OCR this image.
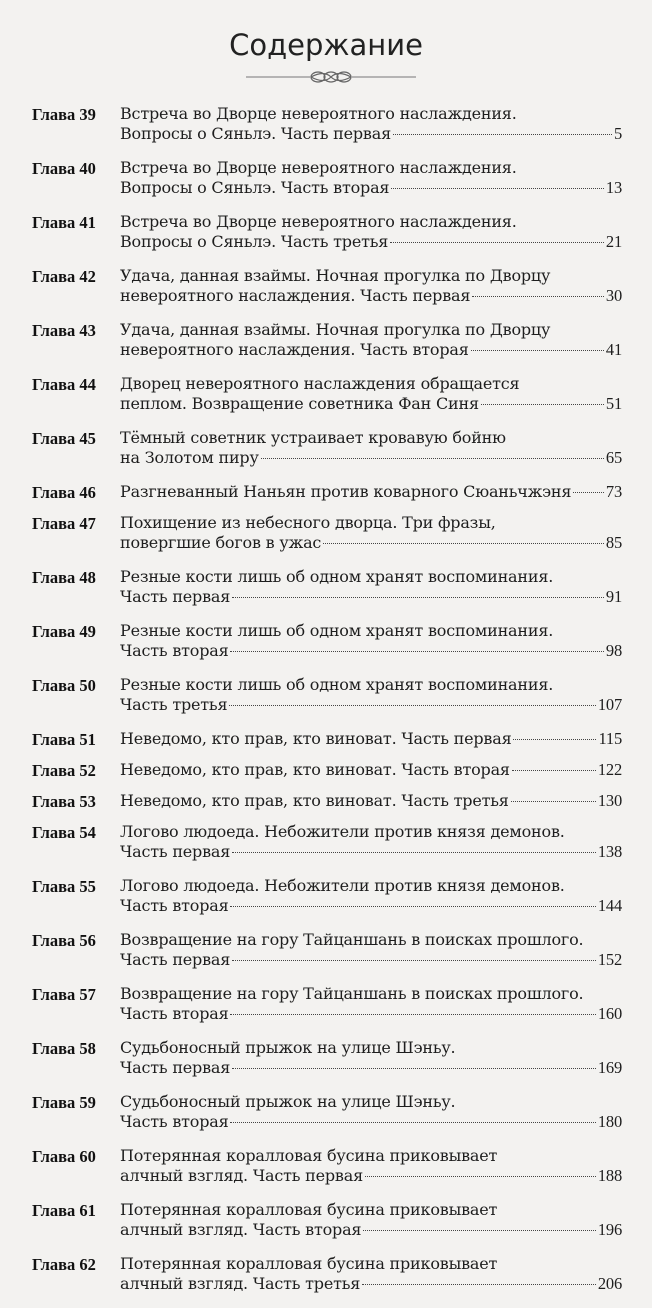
Содержание
Глава 39	Встреча во Дворце невероятного наслаждения.
Вопросы о Сяньлэ. Часть первая	5
Глава 40	Встреча во Дворце невероятного наслаждения.
Вопросы о Сяньлэ. Часть вторая	13
Глава 41	Встреча во Дворце невероятного наслаждения.
Вопросы о Сяньлэ. Часть третья	21
Глава 42	Удача, данная взаймы. Ночная прогулка по Дворцу
невероятного наслаждения. Часть первая	30
Глава 43	Удача, данная взаймы. Ночная прогулка по Дворцу
невероятного наслаждения. Часть вторая	41
Глава 44	Дворец невероятного наслаждения обращается
пеплом. Возвращение советника Фан Синя	51
Глава 45	Тёмный советник устраивает кровавую бойню
на Золотом пиру	65
Глава 46	Разгневанный Наньян против коварного Сюаньчжэня 73
Глава 47	Похищение из небесного дворца. Три фразы,
повергшие богов в ужас	85
Глава 48	Резные кости лишь об одном хранят воспоминания.
Часть первая	91
Глава 49	Резные кости лишь об одном хранят воспоминания.
Часть вторая	98
Глава 50	Резные кости лишь об одном хранят воспоминания.
Часть третья	107
Глава 51	Неведомо, кто прав, кто виноват. Часть первая	115
Глава 52	Неведомо, кто прав, кто виноват. Часть вторая	122
Глава 53	Неведомо, кто прав, кто виноват. Часть третья	130
Глава 54	Логово людоеда. Небожители против князя демонов.
Часть первая	138
Глава 55	Логово людоеда. Небожители против князя демонов.
Часть вторая	144
Глава 56	Возвращение на гору Тайцаншань в поисках прошлого.
Часть первая	152
Глава 57	Возвращение на гору Тайцаншань в поисках прошлого.
Часть вторая	160
Глава 58	Судьбоносный прыжок на улице Шэньу.
Часть первая	169
Глава 59	Судьбоносный прыжок на улице Шэньу.
Часть вторая	180
Глава 60	Потерянная коралловая бусина приковывает
алчный взгляд. Часть первая	188
Глава 61	Потерянная коралловая бусина приковывает
алчный взгляд. Часть вторая	196
Глава 62	Потерянная коралловая бусина приковывает
алчный взгляд. Часть третья	206
